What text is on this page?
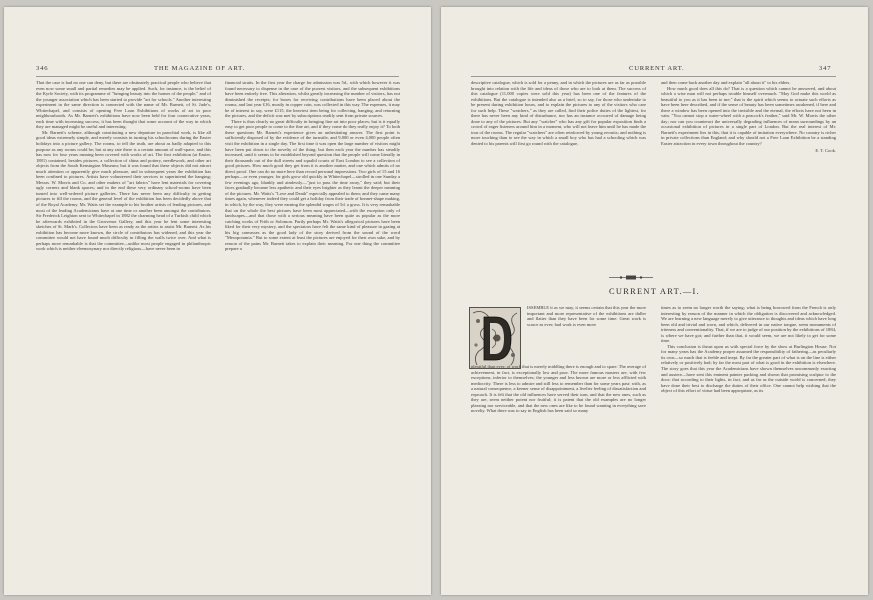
346	THE MAGAZINE OF ART.

That the case is bad no one can deny, but there are obstinately practical people who believe that even now some small and partial remedies may be applied. Such, for instance, is the belief of the Kyrle Society, with its programme of "bringing beauty into the homes of the people," and of the younger association which has been started to provide "art for schools." Another interesting experiment in the same direction is connected with the name of Mr. Barnett, of St. Jude's, Whitechapel, and consists of opening Free Loan Exhibitions of works of art in poor neighbourhoods. As Mr. Barnett's exhibitions have now been held for four consecutive years, each time with increasing success, it has been thought that some account of the way in which they are managed might be useful and interesting.

Mr. Barnett's scheme, although constituting a new departure in parochial work, is like all good ideas extremely simple, and merely consists in turning his schoolrooms during the Easter holidays into a picture gallery. The rooms, to tell the truth, are about as badly adapted to this purpose as any rooms could be; but at any rate there is a certain amount of wall-space, and this has now for four years running been covered with works of art. The first exhibition (at Easter, 1881) contained, besides pictures, a collection of china and pottery, needlework, and other art objects from the South Kensington Museum; but it was found that these objects did not attract much attention or apparently give much pleasure, and in subsequent years the exhibition has been confined to pictures. Artists have volunteered their services to superintend the hanging; Messrs. W. Morris and Co. and other makers of "art fabrics" have lent materials for covering ugly corners and blank spaces; and in the end these very ordinary school-rooms have been turned into well-ordered picture galleries. There has never been any difficulty in getting pictures to fill the rooms, and the general level of the exhibition has been decidedly above that of the Royal Academy. Mr. Watts set the example to his brother artists of lending pictures, and most of the leading Academicians have at one time or another been amongst the contributors. Sir Frederick Leighton sent to Whitechapel in 1882 the charming head of a Turkish child which he afterwards exhibited in the Grosvenor Gallery, and this year he lent some interesting sketches of St. Mark's. Collectors have been as ready as the artists to assist Mr. Barnett. As his exhibition has become more known, the circle of contributors has widened, and this year the committee would not have found much difficulty in filling the walls twice over. And what is perhaps more remarkable is that the committee—unlike most people engaged in philanthropic work which is neither eleemosynary nor directly religious—have never been in

financial straits. In the first year the charge for admission was 5d., with which however it was found necessary to dispense in the case of the poorest visitors, and the subsequent exhibitions have been entirely free. This alteration, whilst greatly increasing the number of visitors, has not diminished the receipts; for boxes for receiving contributions have been placed about the rooms, and last year £16, mostly in copper coin, was collected in this way. The expenses, it may be of interest to say, were £115, the heaviest item being for collecting, hanging, and returning the pictures, and the deficit was met by subscriptions readily sent from private sources.

There is thus clearly no great difficulty in bringing fine art into poor places; but is it equally easy to get poor people to come to the fine art, and if they come do they really enjoy it? To both these questions Mr. Barnett's experience gives an unhesitating answer. The first point is sufficiently disposed of by the evidence of the turnstile, and 9,000 or even 4,000 people often visit the exhibition in a single day. The first time it was open the large number of visitors might have been put down to the novelty of the thing; but then each year the number has steadily increased, until it seems to be established beyond question that the people will come literally in their thousands out of the dull streets and squalid courts of East London to see a collection of good pictures. How much good they get from it is another matter, and one which admits of no direct proof. One can do no more here than record personal impressions. Two girls of 15 and 16 perhaps—or even younger, for girls grow old quickly in Whitechapel—strolled in one Sunday a few evenings ago, blankly and aimlessly—"just to pass the time away," they said; but their faces gradually became less apathetic and their eyes brighter as they learnt the deeper meaning of the pictures. Mr. Watts's "Love and Death" especially appealed to them; and they came many times again, whenever indeed they could get a holiday from their trade of bonnet-shape making, in which, by the way, they were earning the splendid wages of 5d. a gross. It is very remarkable that on the whole the best pictures have been most appreciated—with the exception only of landscapes—and that those with a serious meaning have been quite as popular as the more catching works of Frith or Solomon. Partly perhaps Mr. Watts's allegorical pictures have been liked for their very mystery, and the spectators have felt the same kind of pleasure in gazing at his big canvasses as the good lady of the story derived from the sound of the word "Mesopotamia." But to some extent at least the pictures are enjoyed for their own sake, and by reason of the pains Mr. Barnett takes to explain their meaning. For one thing the committee prepare a

CURRENT ART.	347

descriptive catalogue, which is sold for a penny, and in which the pictures are as far as possible brought into relation with the life and ideas of those who are to look at them. The success of this catalogue (11,000 copies were sold this year) has been one of the features of the exhibitions. But the catalogue is intended also as a brief, so to say, for those who undertake to be present during exhibition hours, and to explain the pictures to any of the visitors who care for such help. These "watchers," as they are called, find their police duties of the lightest, for there has never been any kind of disturbance, nor has an instance occurred of damage being done to any of the pictures. But any "watcher" who has any gift for popular exposition finds a crowd of eager listeners around him in a moment, who will not leave him until he has made the tour of the rooms. The regular "watchers" are often reinforced by young recruits; and nothing is more touching than to see the way in which a small boy who has had a schooling which was denied to his parents will first go round with the catalogue,

and then come back another day and explain "all about it" to his elders.

How much good does all this do? That is a question which cannot be answered, and about which a wise man will not perhaps trouble himself overmuch. "May God make this world as beautiful to you as it has been to me;" that is the spirit which seems to actuate such efforts as have been here described, and if the sense of beauty has been sometimes awakened, if here and there a window has been opened into the invisible and the eternal, the efforts have not been in vain. "You cannot stop a water-wheel with a peacock's feather," said Mr. W. Morris the other day; nor can you counteract the universally degrading influences of mean surroundings by an occasional exhibition of pictures in a single part of London. But the real interest of Mr. Barnett's experiment lies in this, that it is capable of imitation everywhere. No country is richer in private collections than England; and why should not a Free Loan Exhibition be a standing Easter attraction in every town throughout the country?

E. T. Cook.
CURRENT ART.—I.
ISSEMBLE it as we may, it seems certain that this year the more important and more representative of the exhibitions are duller and flatter than they have been for some time. Great work is scarce as ever; bad work is even more

plentiful than ever; of work that is merely middling there is enough and to spare. The average of achievement, in fact, is exceptionally low and poor. The more famous masters are, with few exceptions, inferior to themselves; the younger and less known are more or less afflicted with mediocrity. There is less to admire and still less to remember than for some years past: with, as a natural consequence, a keener sense of disappointment, a livelier feeling of dissatisfaction and reproach. It is felt that the old influences have served their turn, and that the new ones, such as they are, seem neither potent nor fruitful; it is patent that the old examples are no longer pleasing nor serviceable, and that the new ones are like to be found wanting in everything save novelty. What there was to say in English has been said so many

times as to seem no longer worth the saying; what is being borrowed from the French is only interesting by reason of the manner in which the obligation is discovered and acknowledged. We are learning a new language merely to give utterance to thoughts and ideas which have long been old and trivial and worn, and which, delivered in our native tongue, seem monuments of triteness and conventionality. That, if we are to judge of our position by the exhibitions of 1884, is where we have got; and further than that, it would seem, we are not likely to get for some time.

This conclusion is thrust upon us with special force by the show at Burlington House. Not for many years has the Academy proper assumed the responsibility of fathering—as peculiarly its own—so much that is feeble and inept. By far the greater part of what is on the line is either relatively or positively bad; by far the most part of what is good in the exhibition is elsewhere. The story goes that this year the Academicians have shown themselves uncommonly exacting and austere—have sent this eminent painter packing and shown that promising sculptor to the door; that according to their lights, in fact, and as far as the outside world is concerned, they have done their best to discharge the duties of their office. One cannot help wishing that the object of this effort of virtue had been appropriate, as its
